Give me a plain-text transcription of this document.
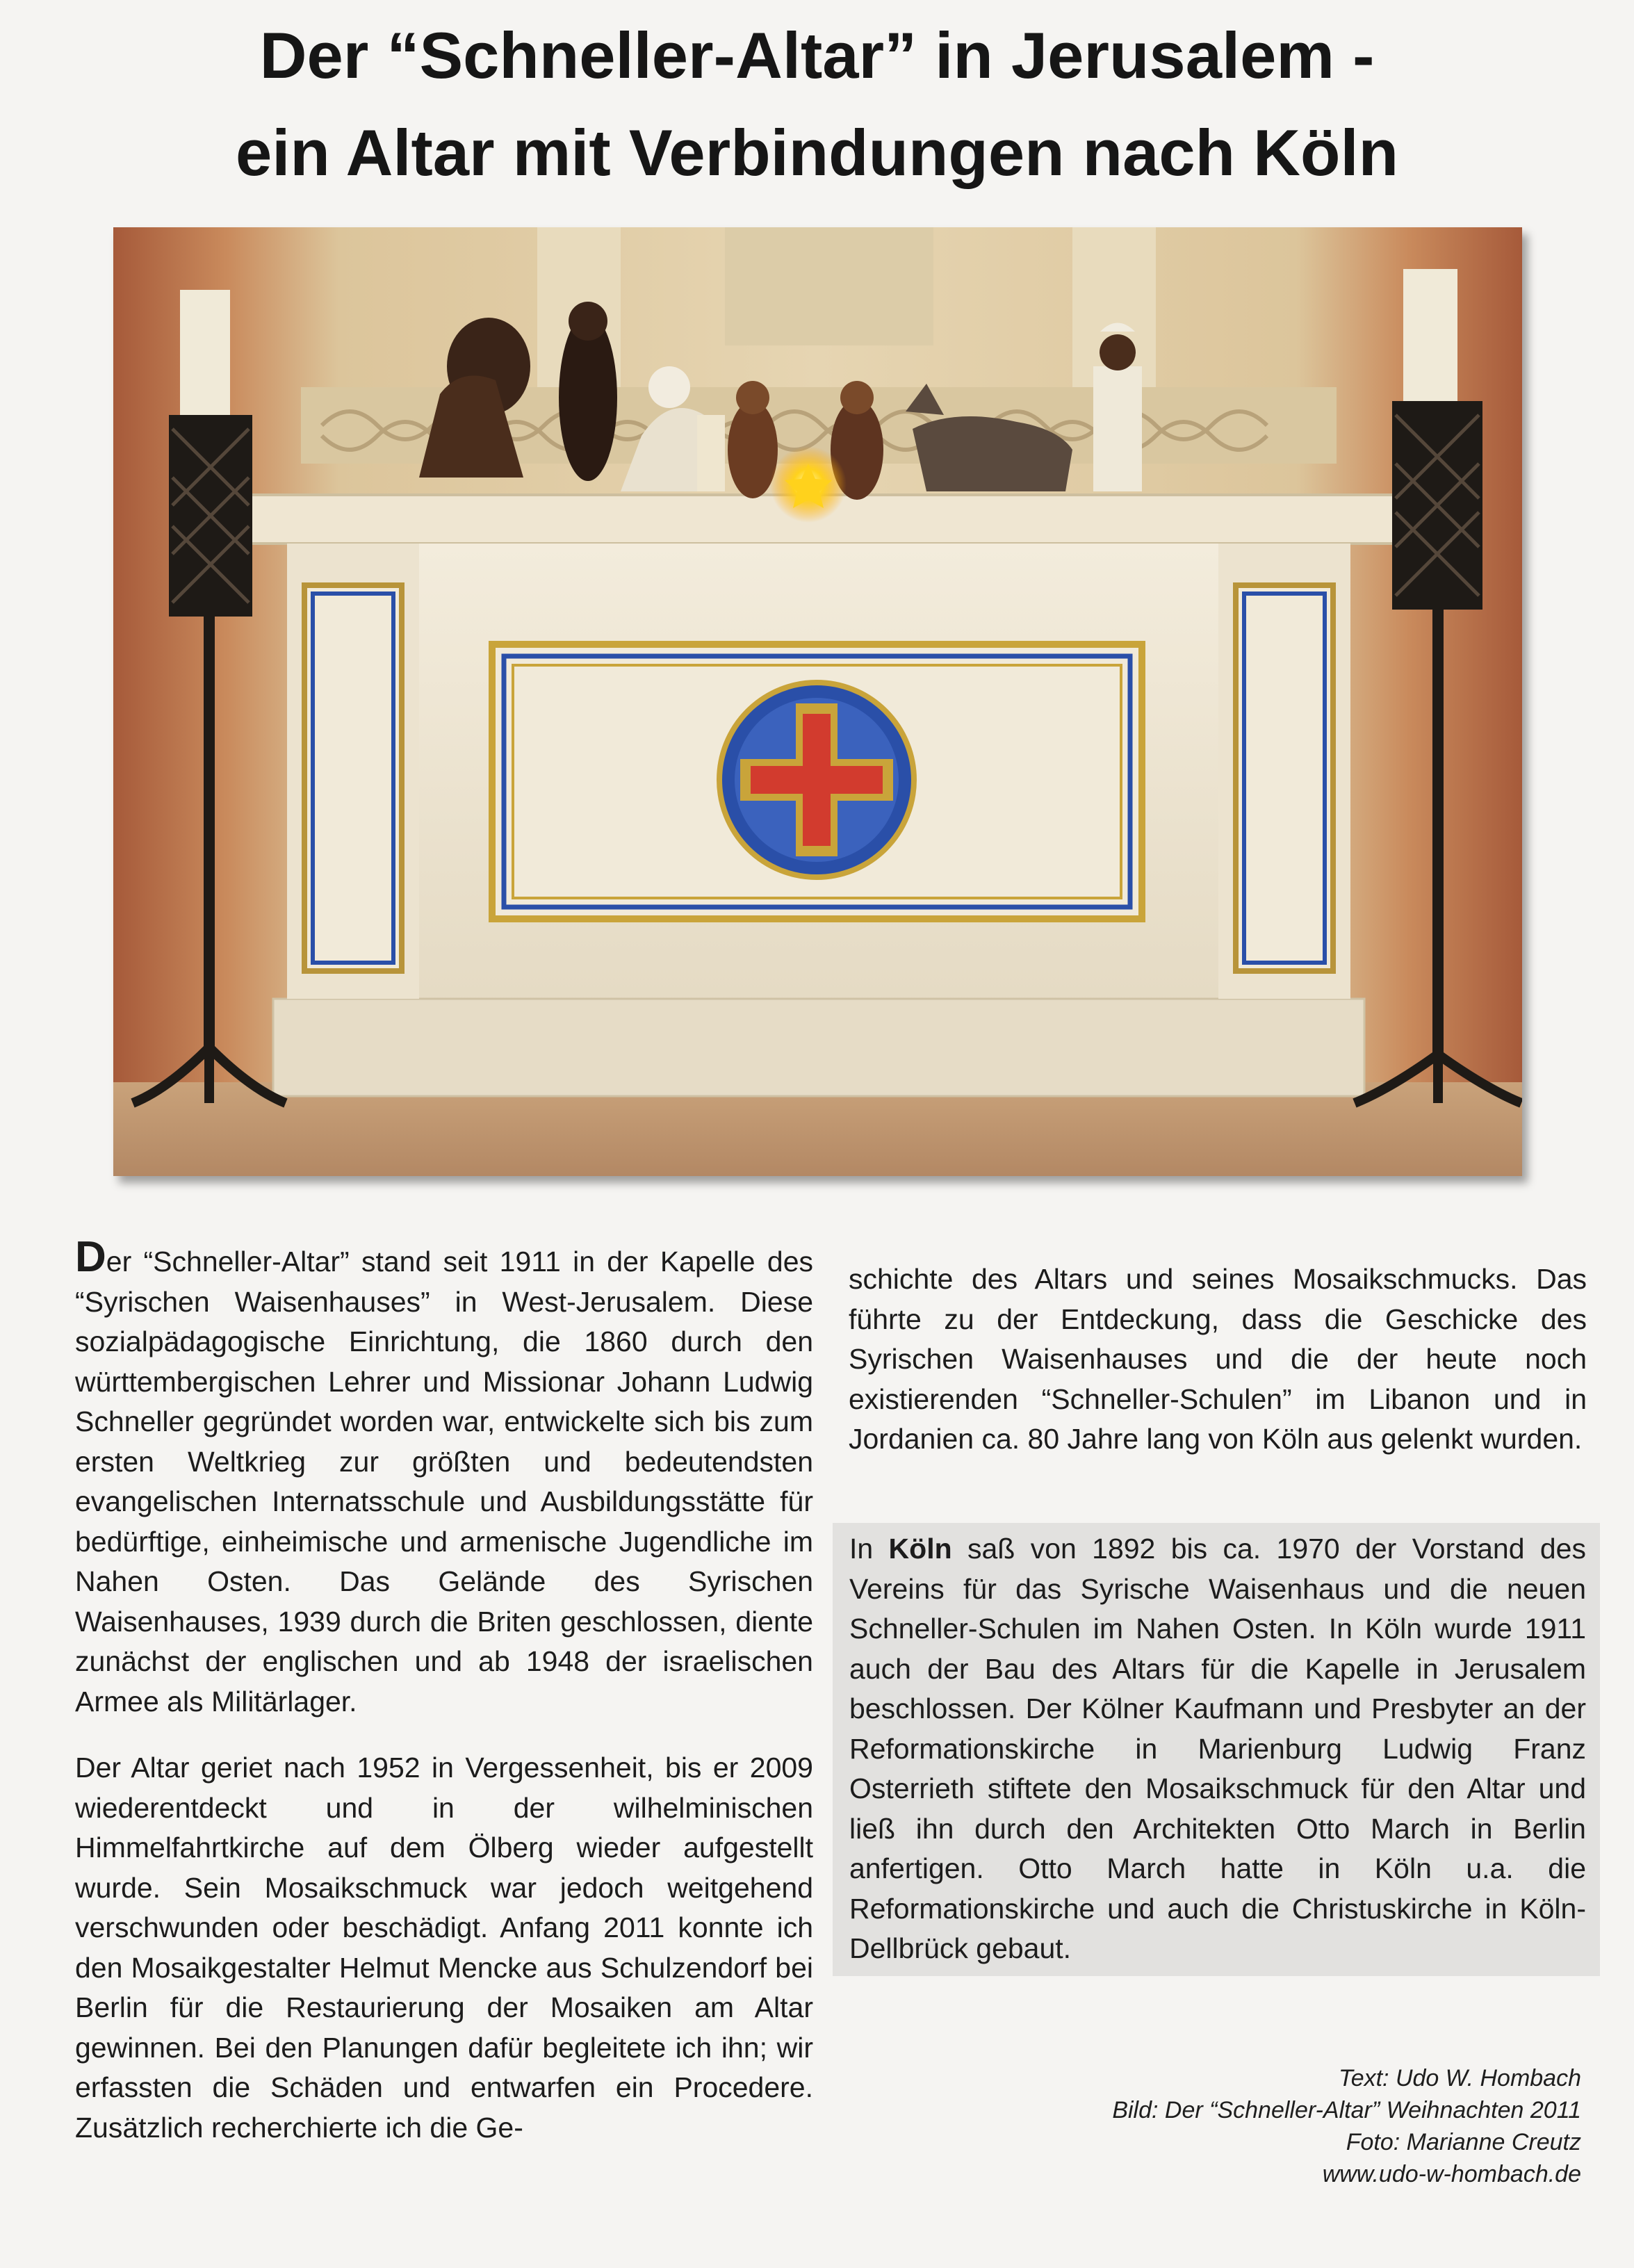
Der “Schneller-Altar” in Jerusalem -
ein Altar mit Verbindungen nach Köln

Der “Schneller-Altar” stand seit 1911 in der Kapelle des “Syrischen Waisenhauses” in West-Jerusalem. Diese sozialpädagogische Einrichtung, die 1860 durch den württembergischen Lehrer und Missionar Johann Ludwig Schneller gegründet worden war, entwickelte sich bis zum ersten Weltkrieg zur größten und bedeutendsten evangelischen Internatsschule und Ausbildungsstätte für bedürftige, einheimische und armenische Jugendliche im Nahen Osten. Das Gelände des Syrischen Waisenhauses, 1939 durch die Briten geschlossen, diente zunächst der englischen und ab 1948 der israelischen Armee als Militärlager.

Der Altar geriet nach 1952 in Vergessenheit, bis er 2009 wiederentdeckt und in der wilhelminischen Himmelfahrtkirche auf dem Ölberg wieder aufgestellt wurde. Sein Mosaikschmuck war jedoch weitgehend verschwunden oder beschädigt. Anfang 2011 konnte ich den Mosaikgestalter Helmut Mencke aus Schulzendorf bei Berlin für die Restaurierung der Mosaiken am Altar gewinnen. Bei den Planungen dafür begleitete ich ihn; wir erfassten die Schäden und entwarfen ein Procedere. Zusätzlich recherchierte ich die Ge-

schichte des Altars und seines Mosaikschmucks. Das führte zu der Entdeckung, dass die Geschicke des Syrischen Waisenhauses und die der heute noch existierenden “Schneller-Schulen” im Libanon und in Jordanien ca. 80 Jahre lang von Köln aus gelenkt wurden.

In Köln saß von 1892 bis ca. 1970 der Vorstand des Vereins für das Syrische Waisenhaus und die neuen Schneller-Schulen im Nahen Osten. In Köln wurde 1911 auch der Bau des Altars für die Kapelle in Jerusalem beschlossen. Der Kölner Kaufmann und Presbyter an der Reformationskirche in Marienburg Ludwig Franz Osterrieth stiftete den Mosaikschmuck für den Altar und ließ ihn durch den Architekten Otto March in Berlin anfertigen. Otto March hatte in Köln u.a. die Reformationskirche und auch die Christuskirche in Köln-Dellbrück gebaut.
Text: Udo W. Hombach
Bild: Der “Schneller-Altar” Weihnachten 2011
Foto: Marianne Creutz
www.udo-w-hombach.de
